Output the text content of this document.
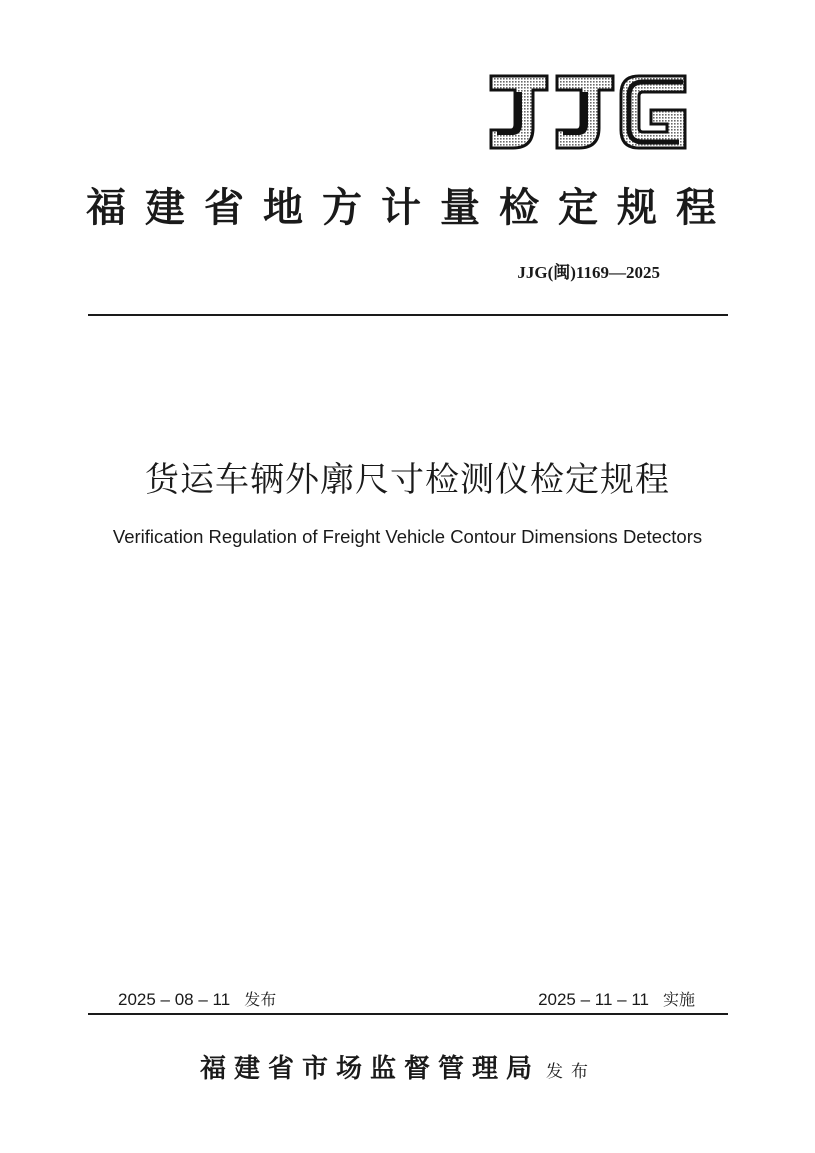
福建省地方计量检定规程
JJG(闽)1169—2025
货运车辆外廓尺寸检测仪检定规程
Verification Regulation of Freight Vehicle Contour Dimensions Detectors
2025 – 08 – 11 发布	2025 – 11 – 11 实施
福建省市场监督管理局 发布
